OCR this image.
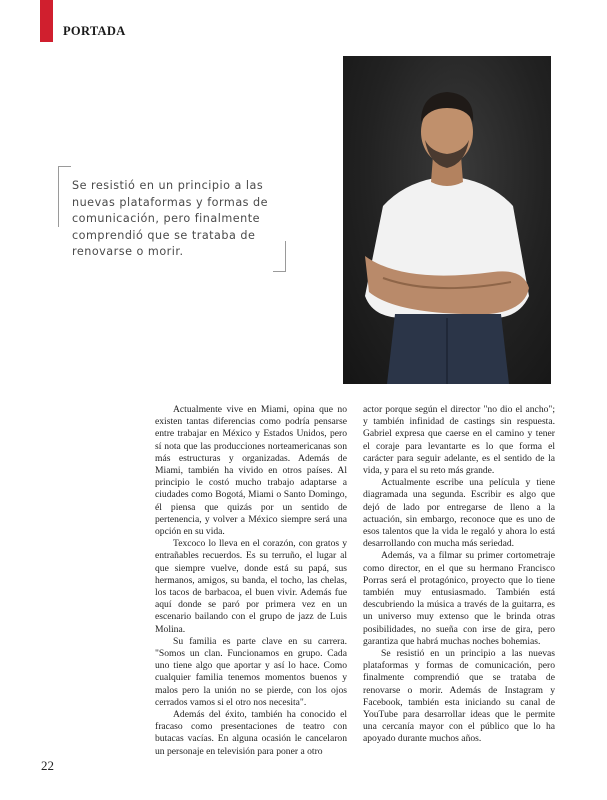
PORTADA
Se resistió en un principio a las nuevas plataformas y formas de comunicación, pero finalmente comprendió que se trataba de renovarse o morir.

Actualmente vive en Miami, opina que no existen tantas diferencias como podría pensarse entre trabajar en México y Estados Unidos, pero sí nota que las producciones norteamericanas son más estructuras y organizadas. Además de Miami, también ha vivido en otros países. Al principio le costó mucho trabajo adaptarse a ciudades como Bogotá, Miami o Santo Domingo, él piensa que quizás por un sentido de pertenencia, y volver a México siempre será una opción en su vida.

Texcoco lo lleva en el corazón, con gratos y entrañables recuerdos. Es su terruño, el lugar al que siempre vuelve, donde está su papá, sus hermanos, amigos, su banda, el tocho, las chelas, los tacos de barbacoa, el buen vivir. Además fue aquí donde se paró por primera vez en un escenario bailando con el grupo de jazz de Luis Molina.

Su familia es parte clave en su carrera. "Somos un clan. Funcionamos en grupo. Cada uno tiene algo que aportar y así lo hace. Como cualquier familia tenemos momentos buenos y malos pero la unión no se pierde, con los ojos cerrados vamos si el otro nos necesita".

Además del éxito, también ha conocido el fracaso como presentaciones de teatro con butacas vacías. En alguna ocasión le cancelaron un personaje en televisión para poner a otro

actor porque según el director "no dio el ancho"; y también infinidad de castings sin respuesta. Gabriel expresa que caerse en el camino y tener el coraje para levantarte es lo que forma el carácter para seguir adelante, es el sentido de la vida, y para el su reto más grande.

Actualmente escribe una película y tiene diagramada una segunda. Escribir es algo que dejó de lado por entregarse de lleno a la actuación, sin embargo, reconoce que es uno de esos talentos que la vida le regaló y ahora lo está desarrollando con mucha más seriedad.

Además, va a filmar su primer cortometraje como director, en el que su hermano Francisco Porras será el protagónico, proyecto que lo tiene también muy entusiasmado. También está descubriendo la música a través de la guitarra, es un universo muy extenso que le brinda otras posibilidades, no sueña con irse de gira, pero garantiza que habrá muchas noches bohemias.

Se resistió en un principio a las nuevas plataformas y formas de comunicación, pero finalmente comprendió que se trataba de renovarse o morir. Además de Instagram y Facebook, también esta iniciando su canal de YouTube para desarrollar ideas que le permite una cercanía mayor con el público que lo ha apoyado durante muchos años.

22
